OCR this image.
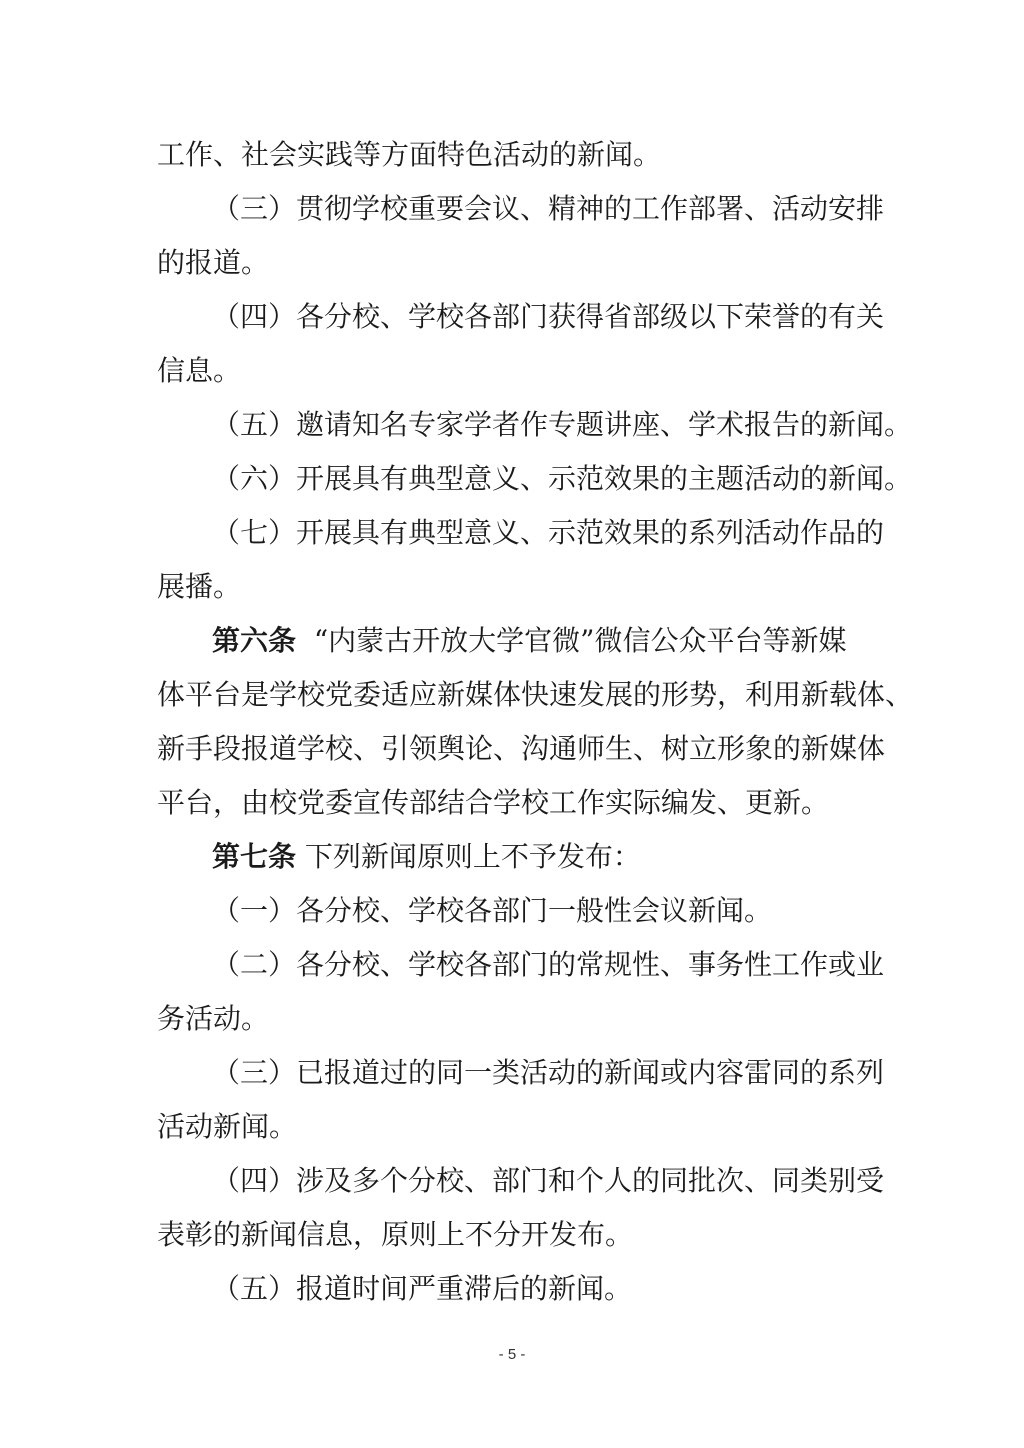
工作、社会实践等方面特色活动的新闻。
（三）贯彻学校重要会议、精神的工作部署、活动安排
的报道。
（四）各分校、学校各部门获得省部级以下荣誉的有关
信息。
（五）邀请知名专家学者作专题讲座、学术报告的新闻。
（六）开展具有典型意义、示范效果的主题活动的新闻。
（七）开展具有典型意义、示范效果的系列活动作品的
展播。
第六条 “内蒙古开放大学官微”微信公众平台等新媒
体平台是学校党委适应新媒体快速发展的形势，利用新载体、
新手段报道学校、引领舆论、沟通师生、树立形象的新媒体
平台，由校党委宣传部结合学校工作实际编发、更新。
第七条 下列新闻原则上不予发布：
（一）各分校、学校各部门一般性会议新闻。
（二）各分校、学校各部门的常规性、事务性工作或业
务活动。
（三）已报道过的同一类活动的新闻或内容雷同的系列
活动新闻。
（四）涉及多个分校、部门和个人的同批次、同类别受
表彰的新闻信息，原则上不分开发布。
（五）报道时间严重滞后的新闻。
- 5 -
